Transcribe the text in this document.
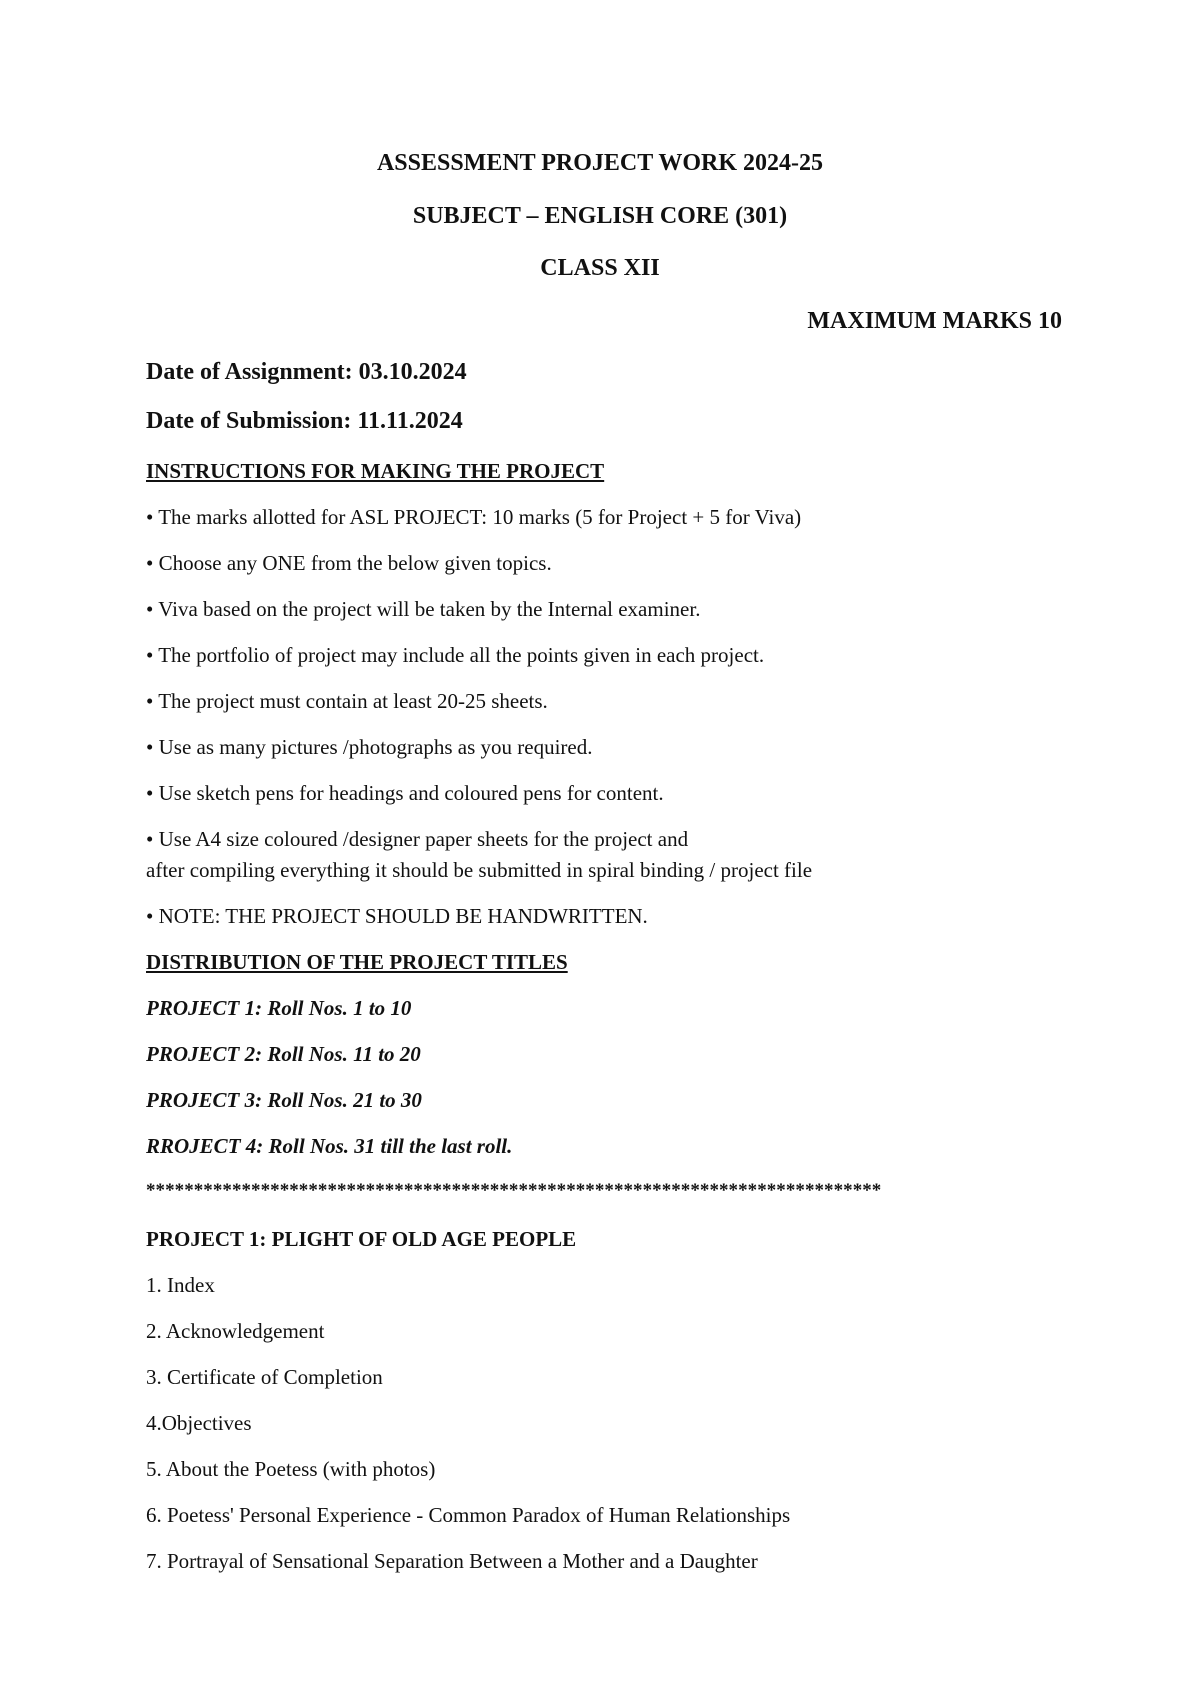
ASSESSMENT PROJECT WORK 2024-25

SUBJECT – ENGLISH CORE (301)

CLASS XII

MAXIMUM MARKS 10

Date of Assignment: 03.10.2024

Date of Submission: 11.11.2024

INSTRUCTIONS FOR MAKING THE PROJECT

• The marks allotted for ASL PROJECT: 10 marks (5 for Project + 5 for Viva)

• Choose any ONE from the below given topics.

• Viva based on the project will be taken by the Internal examiner.

• The portfolio of project may include all the points given in each project.

• The project must contain at least 20-25 sheets.

• Use as many pictures /photographs as you required.

• Use sketch pens for headings and coloured pens for content.

• Use A4 size coloured /designer paper sheets for the project and

after compiling everything it should be submitted in spiral binding / project file

• NOTE: THE PROJECT SHOULD BE HANDWRITTEN.

DISTRIBUTION OF THE PROJECT TITLES

PROJECT 1: Roll Nos. 1 to 10

PROJECT 2: Roll Nos. 11 to 20

PROJECT 3: Roll Nos. 21 to 30

RROJECT 4: Roll Nos. 31 till the last roll.

*****************************************************************************

PROJECT 1: PLIGHT OF OLD AGE PEOPLE

1. Index

2. Acknowledgement

3. Certificate of Completion

4.Objectives

5. About the Poetess (with photos)

6. Poetess' Personal Experience - Common Paradox of Human Relationships

7. Portrayal of Sensational Separation Between a Mother and a Daughter
